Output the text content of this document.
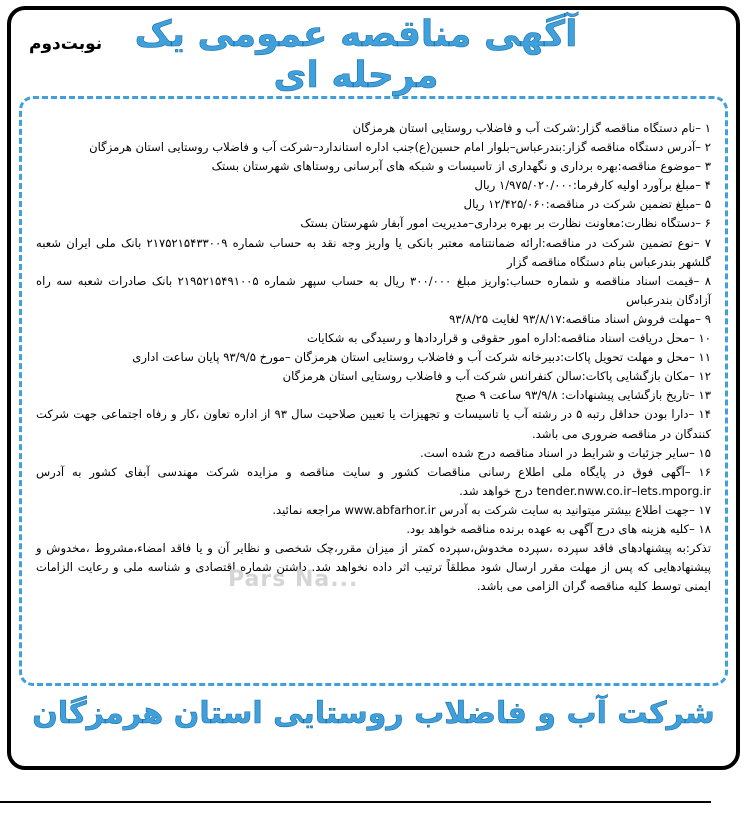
نوبت‌دوم آگهی مناقصه عمومی یک مرحله ای

۱ –نام دستگاه مناقصه گزار:شرکت آب و فاضلاب روستایی استان هرمزگان

۲ –آدرس دستگاه مناقصه گزار:بندرعباس–بلوار امام حسین(ع)جنب اداره استاندارد–شرکت آب و فاضلاب روستایی استان هرمزگان

۳ –موضوع مناقصه:بهره برداری و نگهداری از تاسیسات و شبکه های آبرسانی روستاهای شهرستان بستک

۴ –مبلغ برآورد اولیه کارفرما:۱/۹۷۵/۰۲۰/۰۰۰ ریال

۵ –مبلغ تضمین شرکت در مناقصه:۱۲/۴۲۵/۰۶۰ ریال

۶ –دستگاه نظارت:معاونت نظارت بر بهره برداری–مدیریت امور آبفار شهرستان بستک

۷ –نوع تضمین شرکت در مناقصه:ارائه ضمانتنامه معتبر بانکی یا واریز وجه نقد به حساب شماره ۲۱۷۵۲۱۵۴۳۳۰۰۹ بانک ملی ایران شعبه گلشهر بندرعباس بنام دستگاه مناقصه گزار

۸ –قیمت اسناد مناقصه و شماره حساب:واریز مبلغ ۳۰۰/۰۰۰ ریال به حساب سپهر شماره ۲۱۹۵۲۱۵۴۹۱۰۰۵ بانک صادرات شعبه سه راه آزادگان بندرعباس

۹ –مهلت فروش اسناد مناقصه:۹۳/۸/۱۷ لغایت ۹۳/۸/۲۵

۱۰ –محل دریافت اسناد مناقصه:اداره امور حقوقی و قراردادها و رسیدگی به شکایات

۱۱ –محل و مهلت تحویل پاکات:دبیرخانه شرکت آب و فاضلاب روستایی استان هرمزگان –مورخ ۹۳/۹/۵ پایان ساعت اداری

۱۲ –مکان بازگشایی پاکات:سالن کنفرانس شرکت آب و فاضلاب روستایی استان هرمزگان

۱۳ –تاریخ بازگشایی پیشنهادات: ۹۳/۹/۸ ساعت ۹ صبح

۱۴ –دارا بودن حداقل رتبه ۵ در رشته آب یا تاسیسات و تجهیزات یا تعیین صلاحیت سال ۹۳ از اداره تعاون ،کار و رفاه اجتماعی جهت شرکت کنندگان در مناقصه ضروری می باشد.

۱۵ –سایر جزئیات و شرایط در اسناد مناقصه درج شده است.

۱۶ –آگهی فوق در پایگاه ملی اطلاع رسانی مناقصات کشور و سایت مناقصه و مزایده شرکت مهندسی آبفای کشور به آدرس tender.nww.co.ir–lets.mporg.ir درج خواهد شد.

۱۷ –جهت اطلاع بیشتر میتوانید به سایت شرکت به آدرس www.abfarhor.ir مراجعه نمائید.

۱۸ –کلیه هزینه های درج آگهی به عهده برنده مناقصه خواهد بود.

تذکر:به پیشنهادهای فاقد سپرده ،سپرده مخدوش،سپرده کمتر از میزان مقرر،چک شخصی و نظایر آن و یا فاقد امضاء،مشروط ،مخدوش و پیشنهادهایی که پس از مهلت مقرر ارسال شود مطلقاً ترتیب اثر داده نخواهد شد. داشتن شماره اقتصادی و شناسه ملی و رعایت الزامات ایمنی توسط کلیه مناقصه گران الزامی می باشد.

Pars Na...
شرکت آب و فاضلاب روستایی استان هرمزگان
